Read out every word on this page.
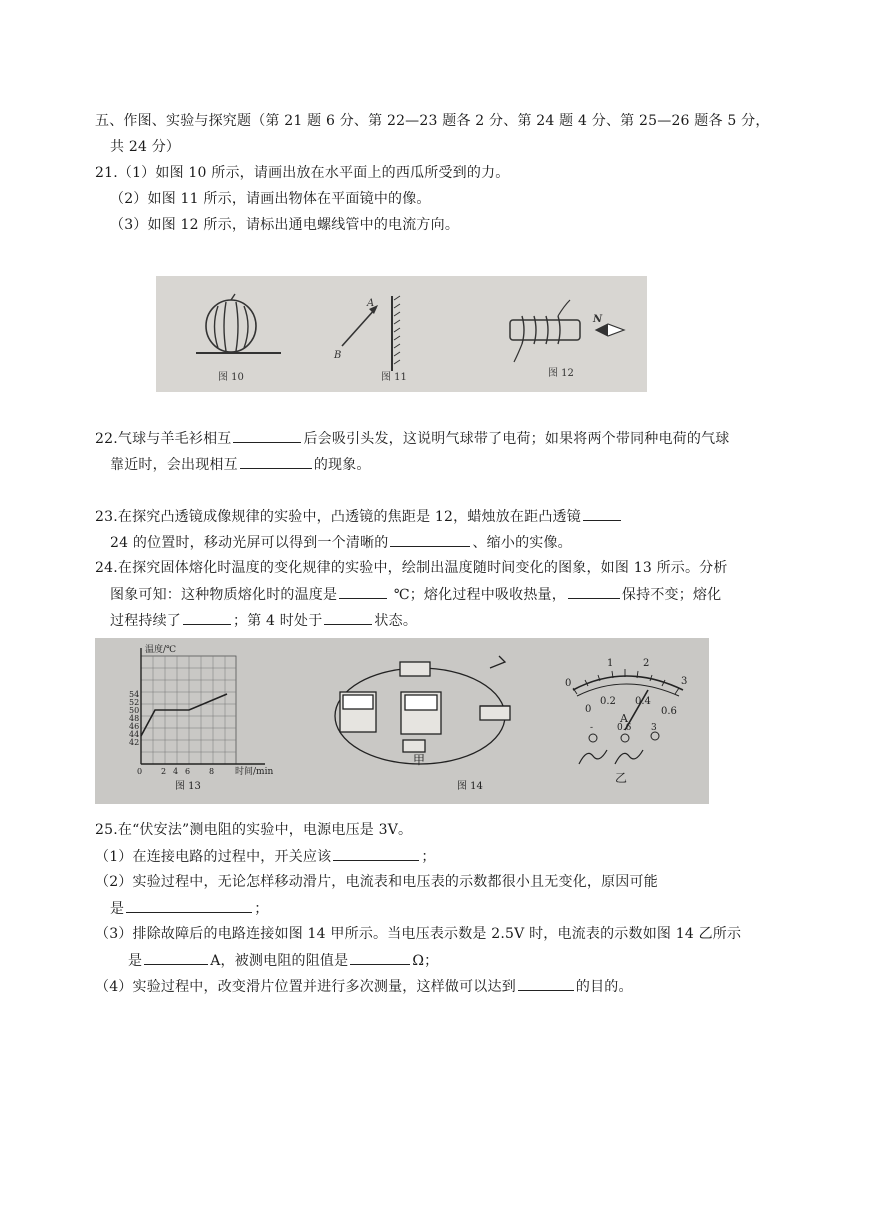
五、作图、实验与探究题（第 21 题 6 分、第 22—23 题各 2 分、第 24 题 4 分、第 25—26 题各 5 分，
共 24 分）
21.（1）如图 10 所示，请画出放在水平面上的西瓜所受到的力。
（2）如图 11 所示，请画出物体在平面镜中的像。
（3）如图 12 所示，请标出通电螺线管中的电流方向。
图 10
A
B
图 11
N
图 12
22.气球与羊毛衫相互	后会吸引头发，这说明气球带了电荷；如果将两个带同种电荷的气球
靠近时，会出现相互	的现象。
23.在探究凸透镜成像规律的实验中，凸透镜的焦距是 12，蜡烛放在距凸透镜
24 的位置时，移动光屏可以得到一个清晰的	、缩小的实像。
24.在探究固体熔化时温度的变化规律的实验中，绘制出温度随时间变化的图象，如图 13 所示。分析
图象可知：这种物质熔化时的温度是	℃；熔化过程中吸收热量，	保持不变；熔化
过程持续了	；第 4 时处于	状态。
温度/℃
时间/min
54
52
50
48
46
44
42
0 2 4 6 8
图 13
甲
图 14
0
1	2
3
0
0.2 0.4
0.6
A
-	0.6 3
乙
25.在“伏安法”测电阻的实验中，电源电压是 3V。
（1）在连接电路的过程中，开关应该	；
（2）实验过程中，无论怎样移动滑片，电流表和电压表的示数都很小且无变化，原因可能
是	；
（3）排除故障后的电路连接如图 14 甲所示。当电压表示数是 2.5V 时，电流表的示数如图 14 乙所示
是	A，被测电阻的阻值是	Ω；
（4）实验过程中，改变滑片位置并进行多次测量，这样做可以达到	的目的。
